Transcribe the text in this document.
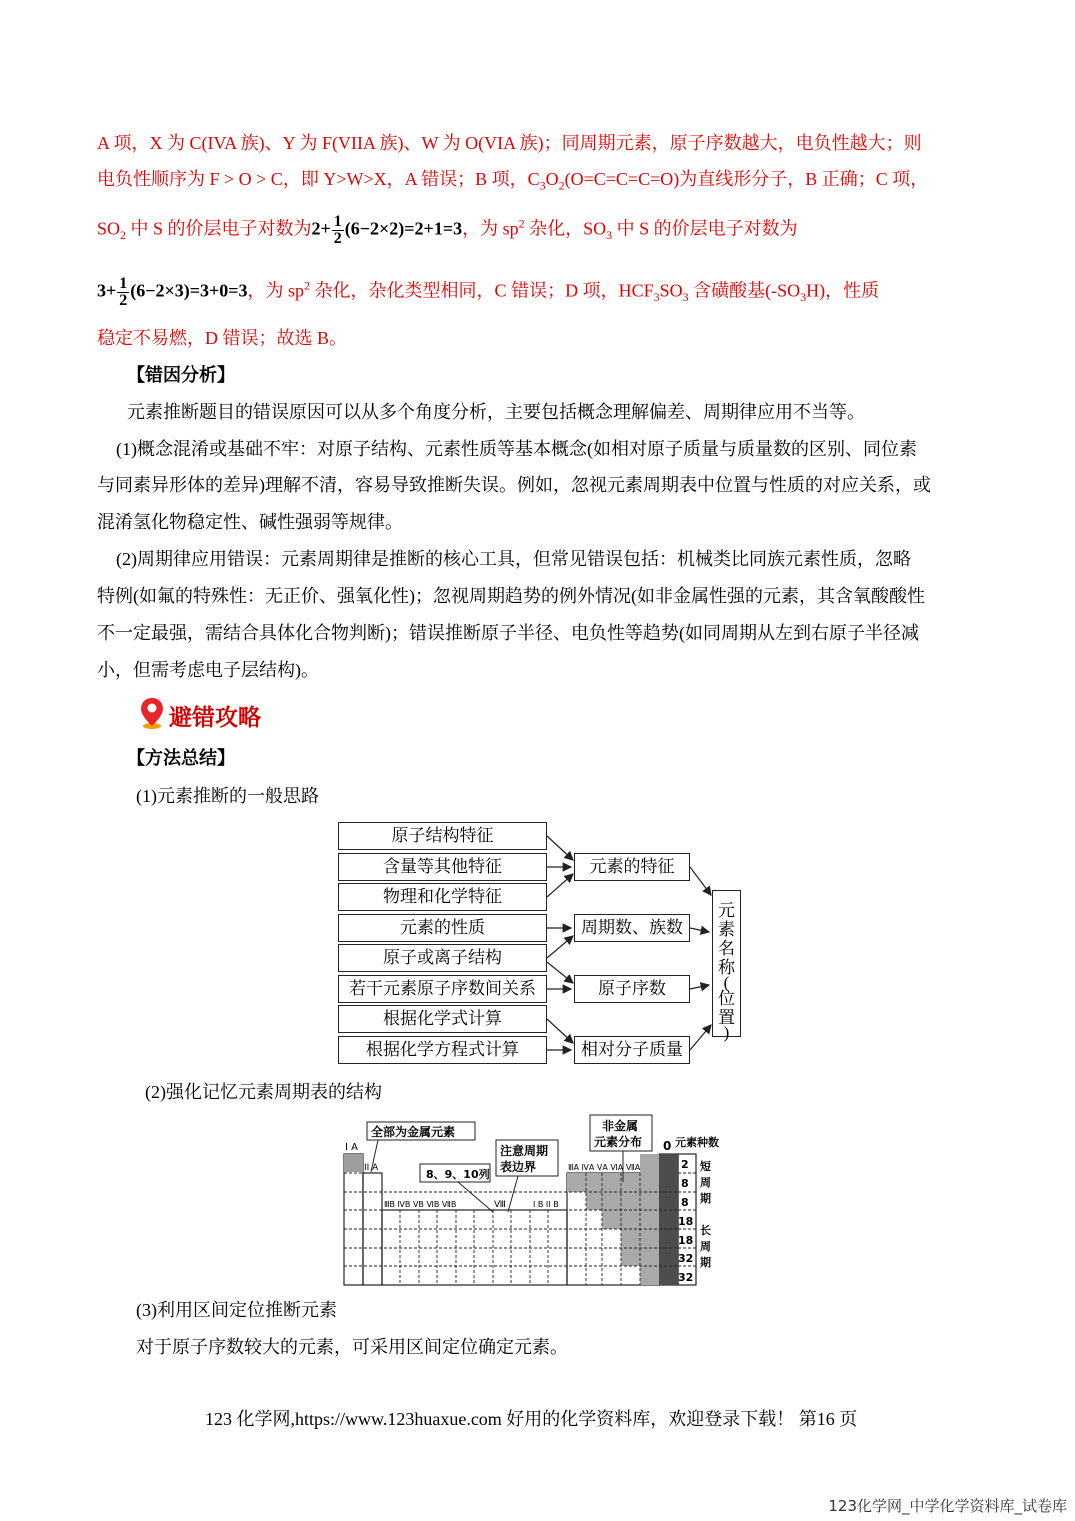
A 项，X 为 C(IVA 族)、Y 为 F(VIIA 族)、W 为 O(VIA 族)；同周期元素，原子序数越大，电负性越大；则
电负性顺序为 F > O > C，即 Y>W>X，A 错误；B 项，$C_3O_2(O=C=C=C=O)$为直线形分子，B 正确；C 项，
$SO_2$ 中 S 的价层电子对数为$2+ \frac{1}{2} (6-2\times 2)=2+1=3$，为 $sp^2$ 杂化，$SO_3$ 中 S 的价层电子对数为
$3+ \frac{1}{2} (6-2\times 3)=3+0=3$，为 $sp^2$ 杂化，杂化类型相同，C 错误；D 项，$HCF_3SO_3$ 含磺酸基$(-SO_3H)$，性质
稳定不易燃，D 错误；故选 B。
【错因分析】
元素推断题目的错误原因可以从多个角度分析，主要包括概念理解偏差、周期律应用不当等。
(1)概念混淆或基础不牢：对原子结构、元素性质等基本概念(如相对原子质量与质量数的区别、同位素
与同素异形体的差异)理解不清，容易导致推断失误。例如，忽视元素周期表中位置与性质的对应关系，或
混淆氢化物稳定性、碱性强弱等规律。
(2)周期律应用错误：元素周期律是推断的核心工具，但常见错误包括：机械类比同族元素性质，忽略
特例(如氟的特殊性：无正价、强氧化性)；忽视周期趋势的例外情况(如非金属性强的元素，其含氧酸酸性
不一定最强，需结合具体化合物判断)；错误推断原子半径、电负性等趋势(如同周期从左到右原子半径减
小，但需考虑电子层结构)。
避错攻略
【方法总结】
(1)元素推断的一般思路
原子结构特征
含量等其他特征
物理和化学特征
元素的性质
原子或离子结构
若干元素原子序数间关系
根据化学式计算
根据化学方程式计算
元素的特征
周期数、族数
原子序数
相对分子质量
元
素
名
称
(
位
置
)
(2)强化记忆元素周期表的结构
I A
II A
全部为金属元素
注意周期
表边界
8、9、10列
非金属
元素分布 0 元素种数
ⅢB ⅣB ⅤB ⅥB ⅦB	Ⅷ	I B II B
ⅢA ⅣA ⅤA ⅥA ⅦA	2
8
8
18
18
32
32
短
周
期
长
周
期
(3)利用区间定位推断元素
对于原子序数较大的元素，可采用区间定位确定元素。
123 化学网,https://www.123huaxue.com 好用的化学资料库，欢迎登录下载！ 第16 页
123化学网_中学化学资料库_试卷库
